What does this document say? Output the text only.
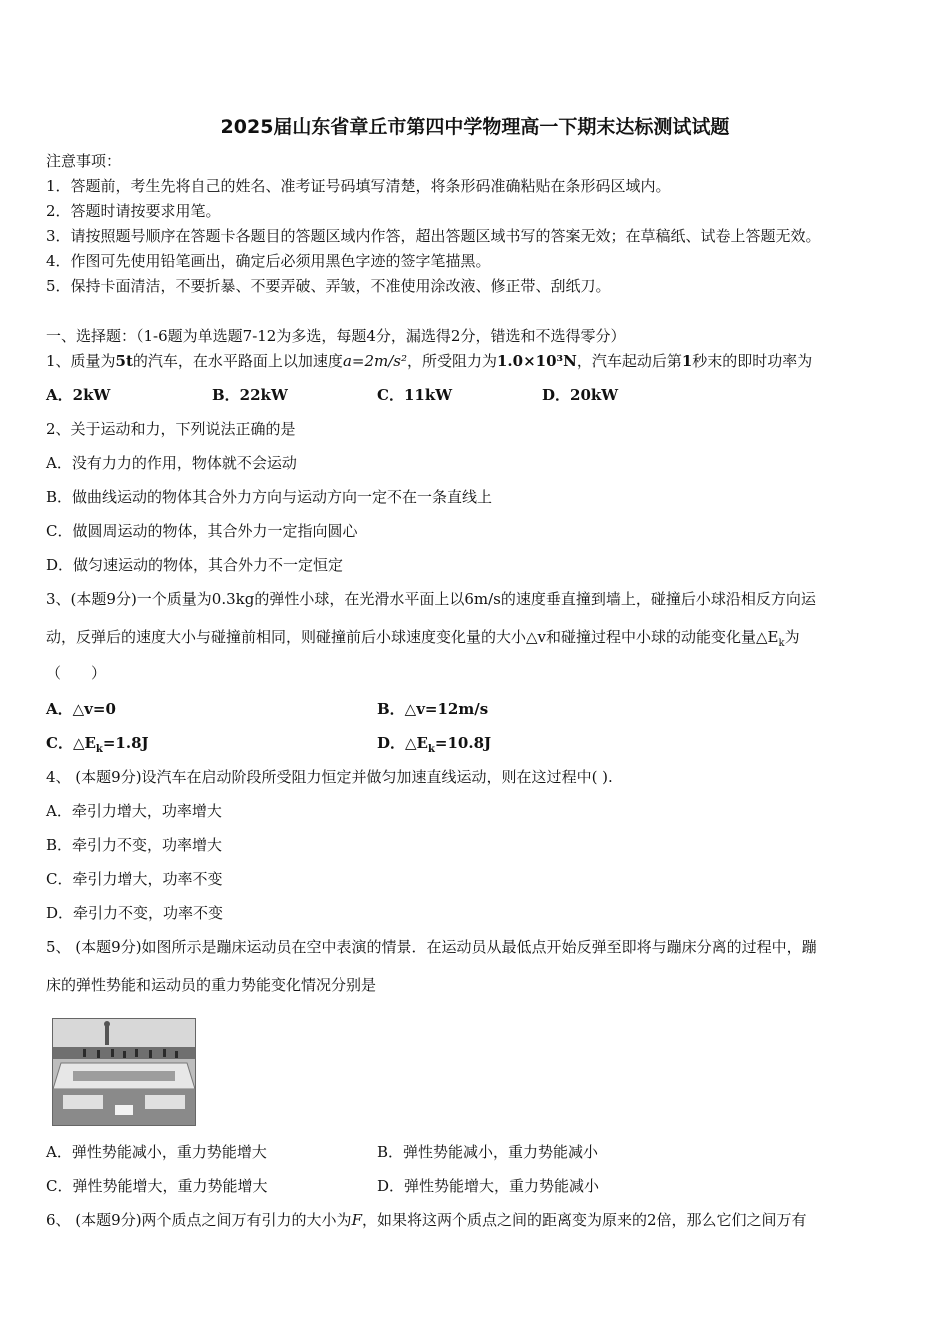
2025届山东省章丘市第四中学物理高一下期末达标测试试题
注意事项：
1．答题前，考生先将自己的姓名、准考证号码填写清楚，将条形码准确粘贴在条形码区域内。
2．答题时请按要求用笔。
3．请按照题号顺序在答题卡各题目的答题区域内作答，超出答题区域书写的答案无效；在草稿纸、试卷上答题无效。
4．作图可先使用铅笔画出，确定后必须用黑色字迹的签字笔描黑。
5．保持卡面清洁，不要折暴、不要弄破、弄皱，不准使用涂改液、修正带、刮纸刀。
一、选择题：（1-6题为单选题7-12为多选，每题4分，漏选得2分，错选和不选得零分）
1、质量为5t的汽车，在水平路面上以加速度a=2m/s²，所受阻力为1.0×10³N，汽车起动后第1秒末的即时功率为
A．2kW	B．22kW	C．11kW	D．20kW
2、关于运动和力，下列说法正确的是
A．没有力力的作用，物体就不会运动
B．做曲线运动的物体其合外力方向与运动方向一定不在一条直线上
C．做圆周运动的物体，其合外力一定指向圆心
D．做匀速运动的物体，其合外力不一定恒定
3、(本题9分)一个质量为0.3kg的弹性小球，在光滑水平面上以6m/s的速度垂直撞到墙上，碰撞后小球沿相反方向运
动，反弹后的速度大小与碰撞前相同，则碰撞前后小球速度变化量的大小△v和碰撞过程中小球的动能变化量$\triangle E_k$为
（　　）
A．△v=0	B．△v=12m/s
C．$\triangle E_k=1.8J$	D．$\triangle E_k=10.8J$
4、 (本题9分)设汽车在启动阶段所受阻力恒定并做匀加速直线运动，则在这过程中( ).
A．牵引力增大，功率增大
B．牵引力不变，功率增大
C．牵引力增大，功率不变
D．牵引力不变，功率不变
5、 (本题9分)如图所示是蹦床运动员在空中表演的情景．在运动员从最低点开始反弹至即将与蹦床分离的过程中，蹦
床的弹性势能和运动员的重力势能变化情况分别是
A．弹性势能减小，重力势能增大	B．弹性势能减小，重力势能减小
C．弹性势能增大，重力势能增大	D．弹性势能增大，重力势能减小
6、 (本题9分)两个质点之间万有引力的大小为F，如果将这两个质点之间的距离变为原来的2倍，那么它们之间万有
